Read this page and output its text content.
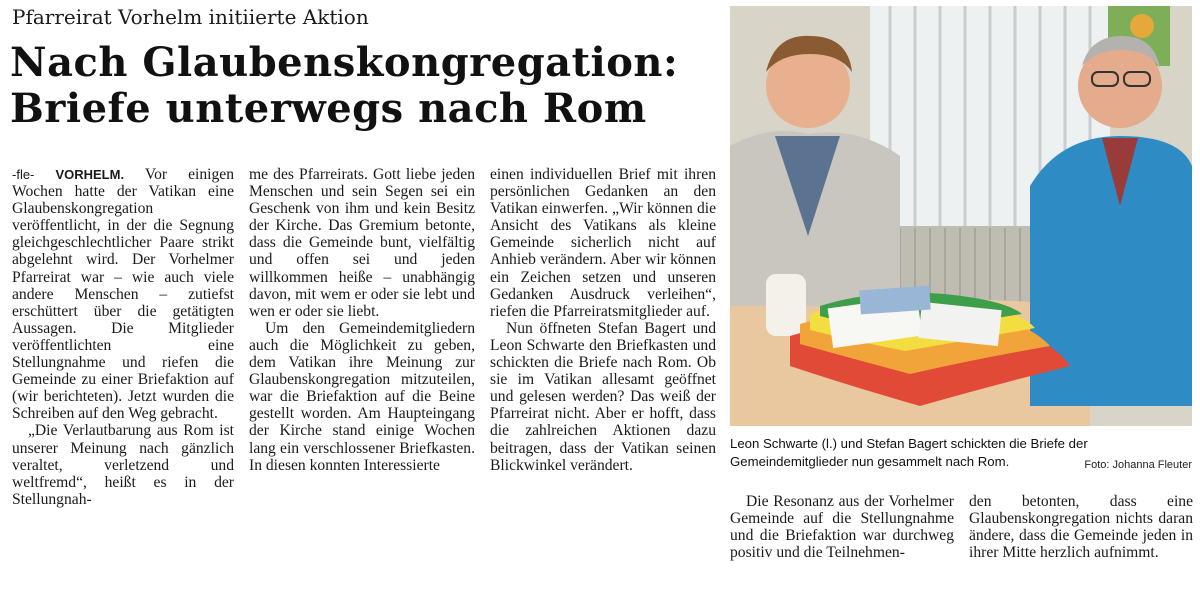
Pfarreirat Vorhelm initiierte Aktion
Nach Glaubenskongregation:
Briefe unterwegs nach Rom

-fle- VORHELM. Vor einigen Wochen hatte der Vatikan eine Glaubenskongregation veröffentlicht, in der die Segnung gleichgeschlechtlicher Paare strikt abgelehnt wird. Der Vorhelmer Pfarreirat war – wie auch viele andere Menschen – zutiefst erschüttert über die getätigten Aussagen. Die Mitglieder veröffentlichten eine Stellungnahme und riefen die Gemeinde zu einer Briefaktion auf (wir berichteten). Jetzt wurden die Schreiben auf den Weg gebracht.

„Die Verlautbarung aus Rom ist unserer Meinung nach gänzlich veraltet, verletzend und weltfremd“, heißt es in der Stellungnah-

me des Pfarreirats. Gott liebe jeden Menschen und sein Segen sei ein Geschenk von ihm und kein Besitz der Kirche. Das Gremium betonte, dass die Gemeinde bunt, vielfältig und offen sei und jeden willkommen heiße – unabhängig davon, mit wem er oder sie lebt und wen er oder sie liebt.

Um den Gemeindemitgliedern auch die Möglichkeit zu geben, dem Vatikan ihre Meinung zur Glaubenskongregation mitzuteilen, war die Briefaktion auf die Beine gestellt worden. Am Haupteingang der Kirche stand einige Wochen lang ein verschlossener Briefkasten. In diesen konnten Interessierte

einen individuellen Brief mit ihren persönlichen Gedanken an den Vatikan einwerfen. „Wir können die Ansicht des Vatikans als kleine Gemeinde sicherlich nicht auf Anhieb verändern. Aber wir können ein Zeichen setzen und unseren Gedanken Ausdruck verleihen“, riefen die Pfarreiratsmitglieder auf.

Nun öffneten Stefan Bagert und Leon Schwarte den Briefkasten und schickten die Briefe nach Rom. Ob sie im Vatikan allesamt geöffnet und gelesen werden? Das weiß der Pfarreirat nicht. Aber er hofft, dass die zahlreichen Aktionen dazu beitragen, dass der Vatikan seinen Blickwinkel verändert.

Leon Schwarte (l.) und Stefan Bagert schickten die Briefe der Gemeindemitglieder nun gesammelt nach Rom.	Foto: Johanna Fleuter

Die Resonanz aus der Vorhelmer Gemeinde auf die Stellungnahme und die Briefaktion war durchweg positiv und die Teilnehmen-

den betonten, dass eine Glaubenskongregation nichts daran ändere, dass die Gemeinde jeden in ihrer Mitte herzlich aufnimmt.
